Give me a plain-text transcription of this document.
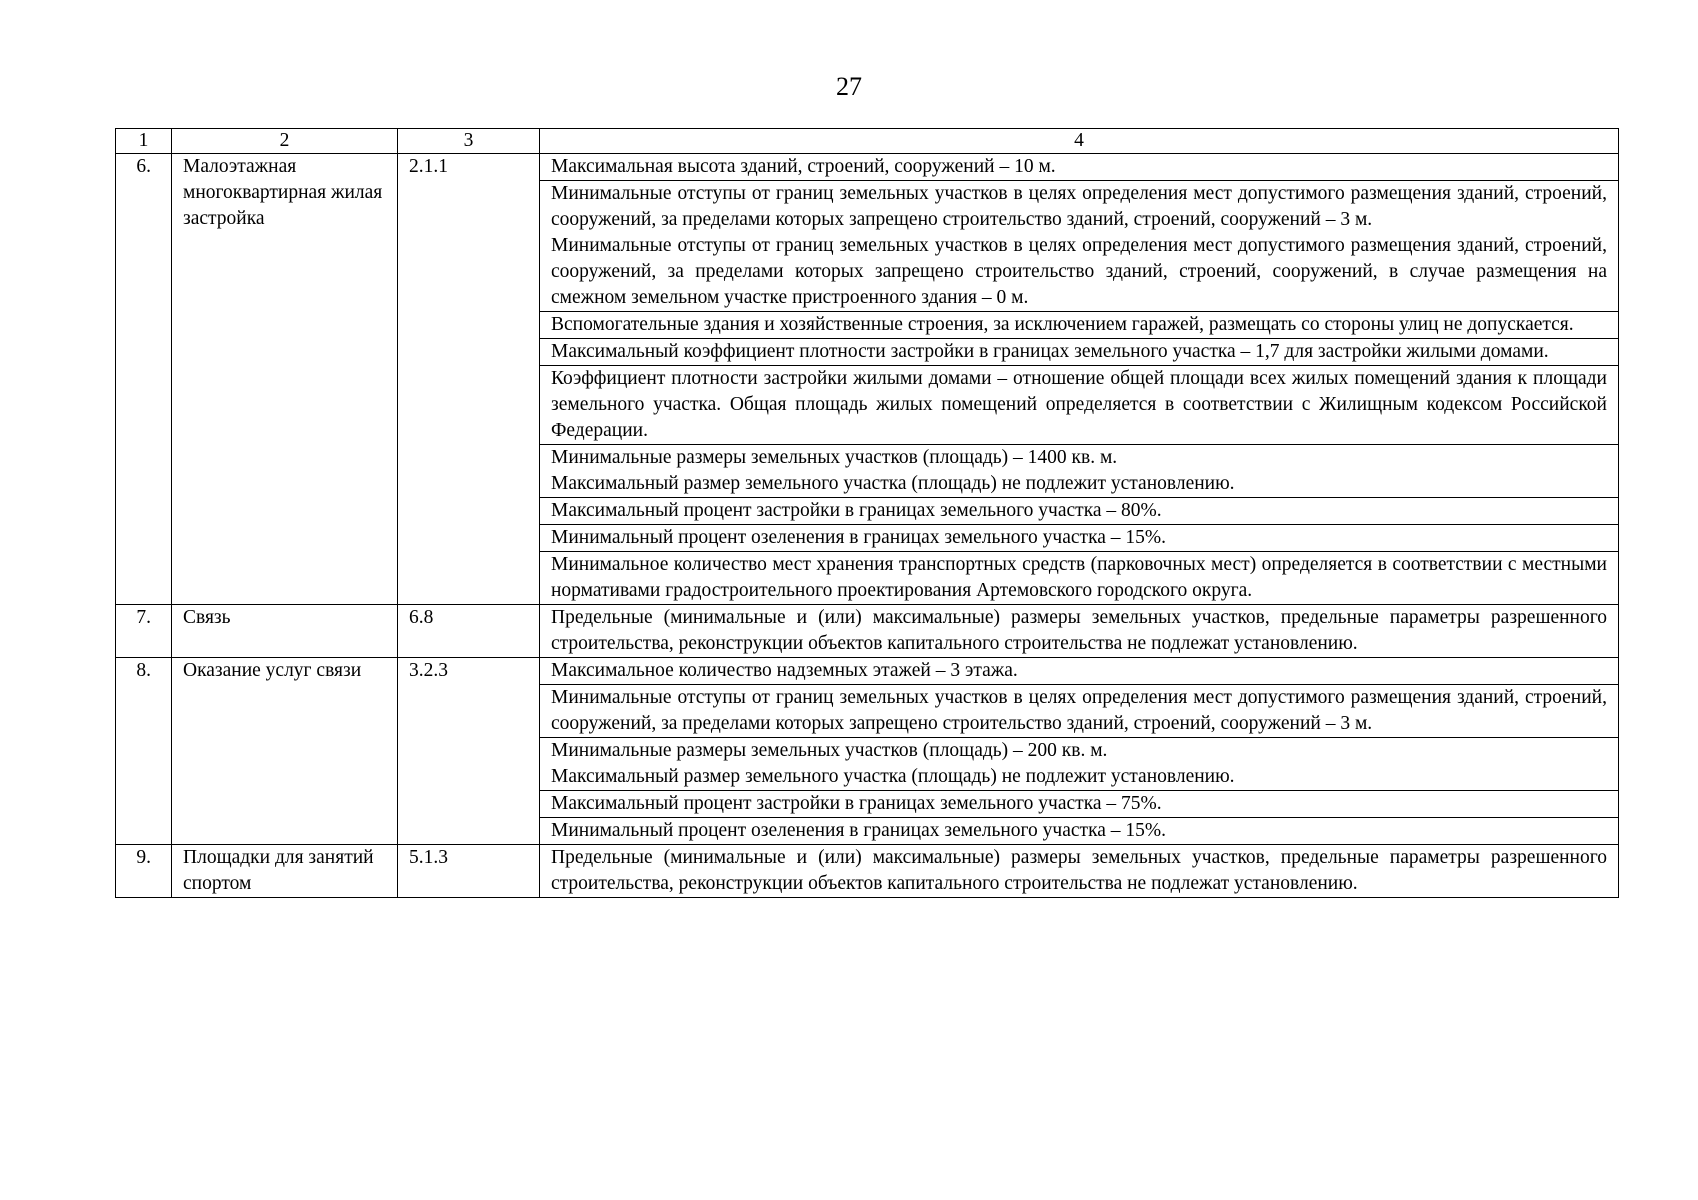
27
1	2	3	4
6.	Малоэтажная многоквартирная жилая застройка	2.1.1	Максимальная высота зданий, строений, сооружений – 10 м.

			Минимальные отступы от границ земельных участков в целях определения мест допустимого размещения зданий, строений, сооружений, за пределами которых запрещено строительство зданий, строений, сооружений – 3 м.
Минимальные отступы от границ земельных участков в целях определения мест допустимого размещения зданий, строений, сооружений, за пределами которых запрещено строительство зданий, строений, сооружений, в случае размещения на смежном земельном участке пристроенного здания – 0 м.

			Вспомогательные здания и хозяйственные строения, за исключением гаражей, размещать со стороны улиц не допускается.

			Максимальный коэффициент плотности застройки в границах земельного участка – 1,7 для застройки жилыми домами.

			Коэффициент плотности застройки жилыми домами – отношение общей площади всех жилых помещений здания к площади земельного участка. Общая площадь жилых помещений определяется в соответствии с Жилищным кодексом Российской Федерации.

			Минимальные размеры земельных участков (площадь) – 1400 кв. м.
Максимальный размер земельного участка (площадь) не подлежит установлению.

			Максимальный процент застройки в границах земельного участка – 80%.

			Минимальный процент озеленения в границах земельного участка – 15%.

			Минимальное количество мест хранения транспортных средств (парковочных мест) определяется в соответствии с местными нормативами градостроительного проектирования Артемовского городского округа.

7.	Связь	6.8	Предельные (минимальные и (или) максимальные) размеры земельных участков, предельные параметры разрешенного строительства, реконструкции объектов капитального строительства не подлежат установлению.

8.	Оказание услуг связи	3.2.3	Максимальное количество надземных этажей – 3 этажа.

			Минимальные отступы от границ земельных участков в целях определения мест допустимого размещения зданий, строений, сооружений, за пределами которых запрещено строительство зданий, строений, сооружений – 3 м.

			Минимальные размеры земельных участков (площадь) – 200 кв. м.
Максимальный размер земельного участка (площадь) не подлежит установлению.

			Максимальный процент застройки в границах земельного участка – 75%.

			Минимальный процент озеленения в границах земельного участка – 15%.

9.	Площадки для занятий спортом	5.1.3	Предельные (минимальные и (или) максимальные) размеры земельных участков, предельные параметры разрешенного строительства, реконструкции объектов капитального строительства не подлежат установлению.
